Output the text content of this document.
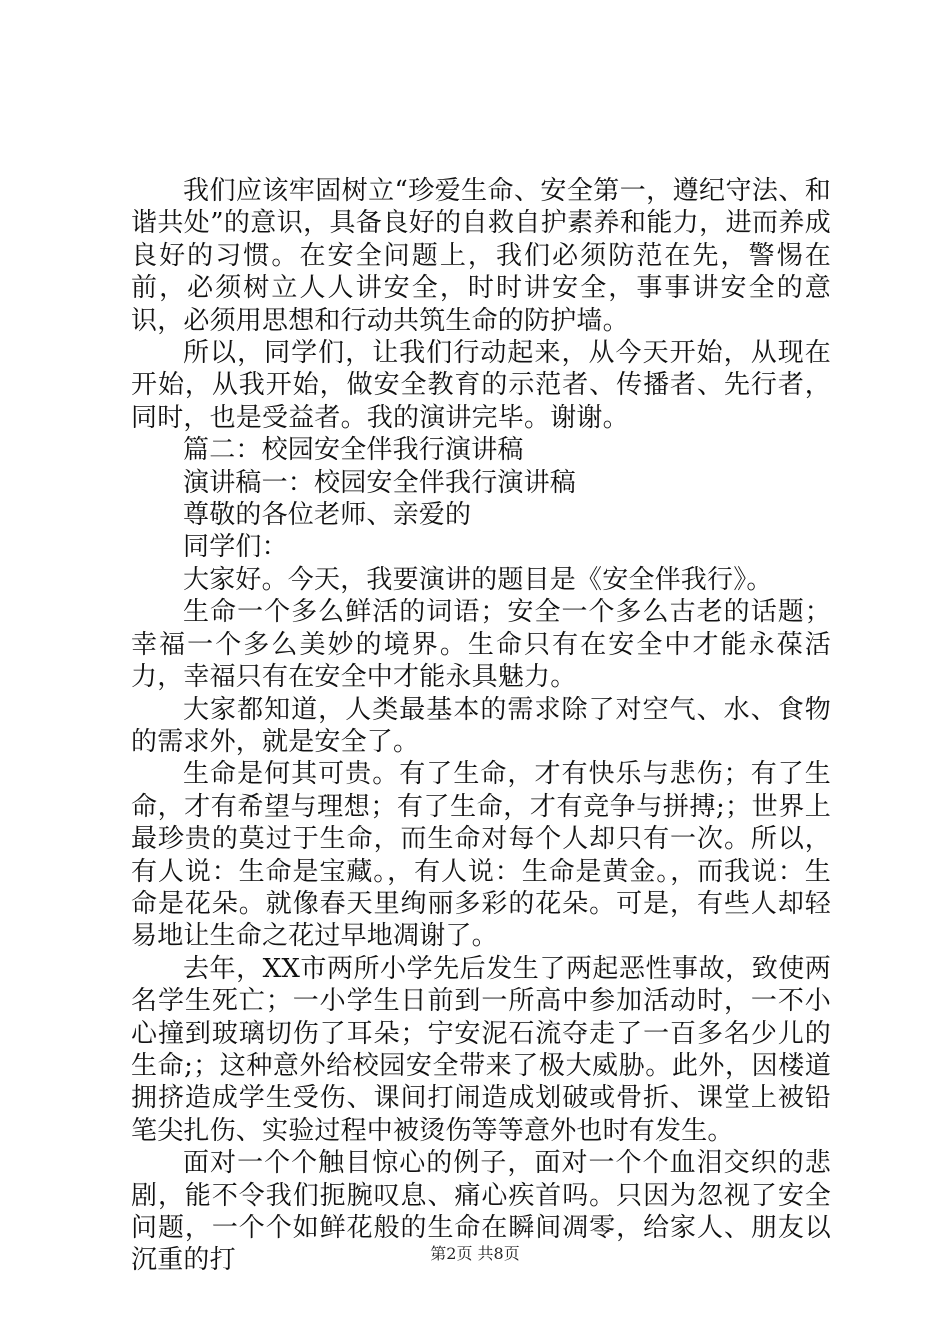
我们应该牢固树立“珍爱生命、安全第一，遵纪守法、和谐共处”的意识，具备良好的自救自护素养和能力，进而养成良好的习惯。在安全问题上，我们必须防范在先，警惕在前，必须树立人人讲安全，时时讲安全，事事讲安全的意识，必须用思想和行动共筑生命的防护墙。

所以，同学们，让我们行动起来，从今天开始，从现在开始，从我开始，做安全教育的示范者、传播者、先行者，同时，也是受益者。我的演讲完毕。谢谢。

篇二：校园安全伴我行演讲稿

演讲稿一：校园安全伴我行演讲稿

尊敬的各位老师、亲爱的

同学们：

大家好。今天，我要演讲的题目是《安全伴我行》。

生命一个多么鲜活的词语；安全一个多么古老的话题；幸福一个多么美妙的境界。生命只有在安全中才能永葆活力，幸福只有在安全中才能永具魅力。

大家都知道，人类最基本的需求除了对空气、水、食物的需求外，就是安全了。

生命是何其可贵。有了生命，才有快乐与悲伤；有了生命，才有希望与理想；有了生命，才有竞争与拼搏;；世界上最珍贵的莫过于生命，而生命对每个人却只有一次。所以，有人说：生命是宝藏。，有人说：生命是黄金。，而我说：生命是花朵。就像春天里绚丽多彩的花朵。可是，有些人却轻易地让生命之花过早地凋谢了。

去年，XX市两所小学先后发生了两起恶性事故，致使两名学生死亡；一小学生日前到一所高中参加活动时，一不小心撞到玻璃切伤了耳朵；宁安泥石流夺走了一百多名少儿的生命;；这种意外给校园安全带来了极大威胁。此外，因楼道拥挤造成学生受伤、课间打闹造成划破或骨折、课堂上被铅笔尖扎伤、实验过程中被烫伤等等意外也时有发生。

面对一个个触目惊心的例子，面对一个个血泪交织的悲剧，能不令我们扼腕叹息、痛心疾首吗。只因为忽视了安全问题，一个个如鲜花般的生命在瞬间凋零，给家人、朋友以沉重的打	第2页 共8页
